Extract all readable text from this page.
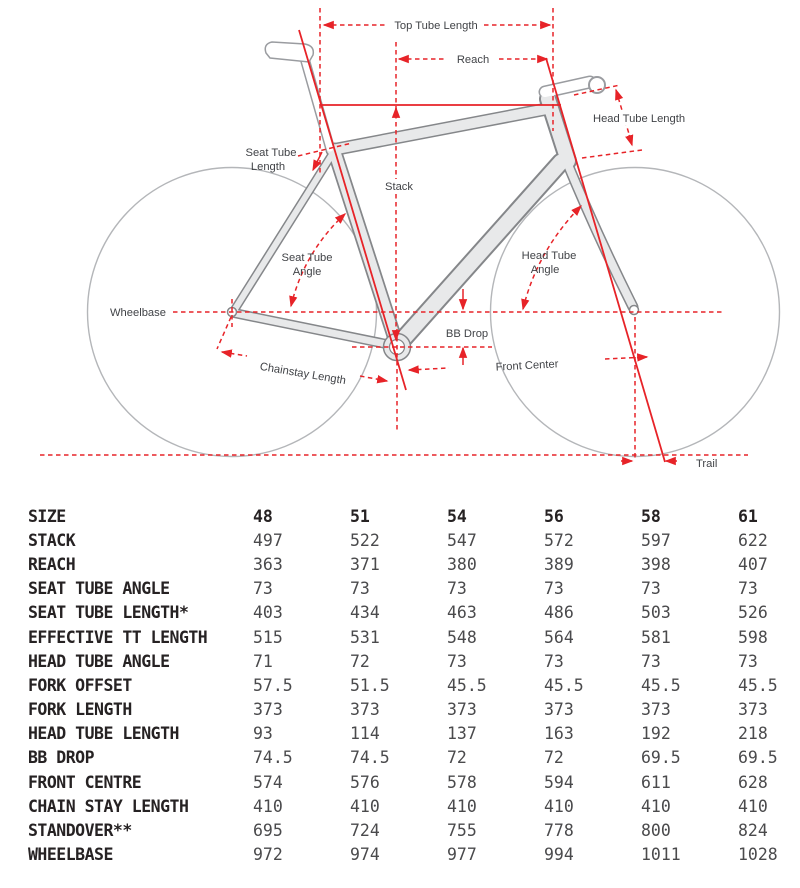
Top Tube Length
Reach
Head Tube Length
Stack
Seat Tube
Length
Seat Tube
Angle
Head Tube
Angle
Wheelbase
BB Drop
Chainstay Length	Front Center
Trail
SIZE	48	51	54	56	58	61
STACK	497	522	547	572	597	622
REACH	363	371	380	389	398	407
SEAT TUBE ANGLE	73	73	73	73	73	73
SEAT TUBE LENGTH*	403	434	463	486	503	526
EFFECTIVE TT LENGTH	515	531	548	564	581	598
HEAD TUBE ANGLE	71	72	73	73	73	73
FORK OFFSET	57.5	51.5	45.5	45.5	45.5	45.5
FORK LENGTH	373	373	373	373	373	373
HEAD TUBE LENGTH	93	114	137	163	192	218
BB DROP	74.5	74.5	72	72	69.5	69.5
FRONT CENTRE	574	576	578	594	611	628
CHAIN STAY LENGTH	410	410	410	410	410	410
STANDOVER**	695	724	755	778	800	824
WHEELBASE	972	974	977	994	1011	1028
